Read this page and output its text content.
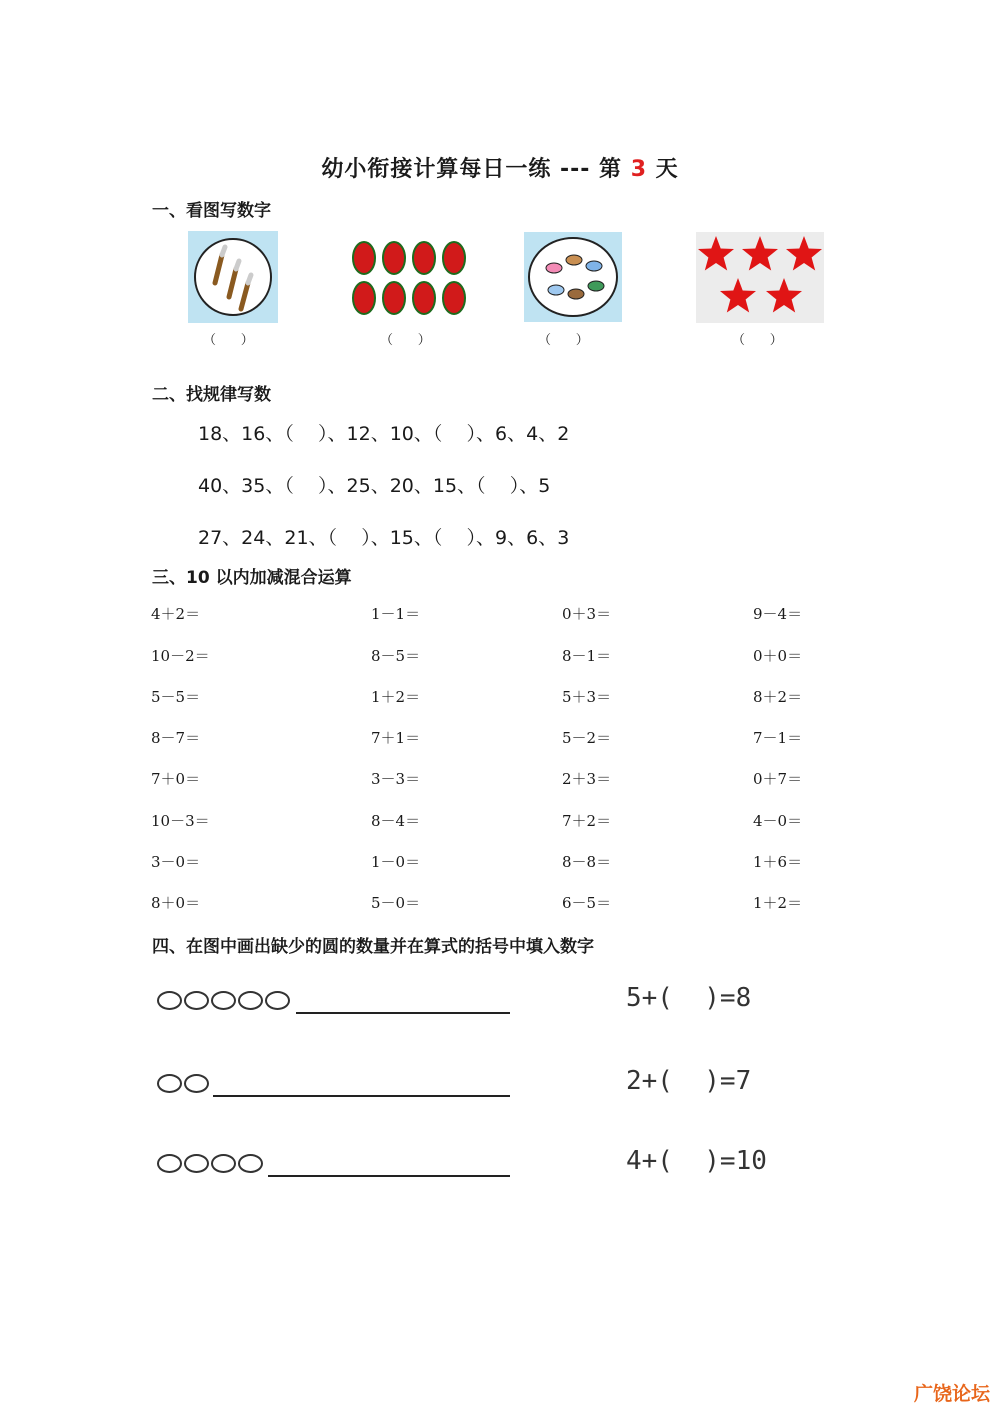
幼小衔接计算每日一练 --- 第 3 天
一、看图写数字
（      ）	（      ）	（      ）	（      ）
二、找规律写数
18、16、（    ）、12、10、（    ）、6、4、2
40、35、（    ）、25、20、15、（    ）、5
27、24、21、（    ）、15、（    ）、9、6、3
三、10 以内加减混合运算
4＋2＝	1－1＝	0＋3＝	9－4＝
10－2＝	8－5＝	8－1＝	0＋0＝
5－5＝	1＋2＝	5＋3＝	8＋2＝
8－7＝	7＋1＝	5－2＝	7－1＝
7＋0＝	3－3＝	2＋3＝	0＋7＝
10－3＝	8－4＝	7＋2＝	4－0＝
3－0＝	1－0＝	8－8＝	1＋6＝
8＋0＝	5－0＝	6－5＝	1＋2＝
四、在图中画出缺少的圆的数量并在算式的括号中填入数字
5+(  )=8
2+(  )=7
4+(  )=10
广饶论坛
